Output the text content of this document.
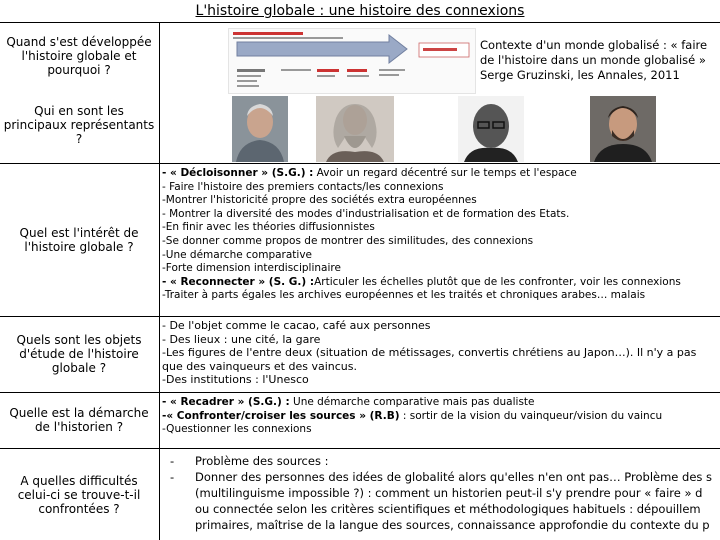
L'histoire globale : une histoire des connexions
Quand s'est développée l'histoire globale et pourquoi ?
Qui en sont les principaux représentants ?
Quel est l'intérêt de l'histoire globale ?
Quels sont les objets d'étude de l'histoire globale ?
Quelle est la démarche de l'historien ?
A quelles difficultés celui-ci se trouve-t-il confrontées ?
Contexte d'un monde globalisé : « faire
de l'histoire dans un monde globalisé »
Serge Gruzinski, les Annales, 2011
- « Décloisonner » (S.G.) : Avoir un regard décentré sur le temps et l'espace
- Faire l'histoire des premiers contacts/les connexions
-Montrer l'historicité propre des sociétés extra européennes
- Montrer la diversité des modes d'industrialisation et de formation des Etats.
-En finir avec les théories diffusionnistes
-Se donner comme propos de montrer des similitudes, des connexions
-Une démarche comparative
-Forte dimension interdisciplinaire
- « Reconnecter » (S. G.) :Articuler les échelles plutôt que de les confronter, voir les connexions
-Traiter à parts égales les archives européennes et les traités et chroniques arabes… malais
- De l'objet comme le cacao, café aux personnes
- Des lieux : une cité, la gare
-Les figures de l'entre deux (situation de métissages, convertis chrétiens au Japon…). Il n'y a pas
que des vainqueurs et des vaincus.
-Des institutions : l'Unesco
- « Recadrer » (S.G.) : Une démarche comparative mais pas dualiste
-« Confronter/croiser les sources » (R.B) : sortir de la vision du vainqueur/vision du vaincu
-Questionner les connexions
-	Problème des sources :
-	Donner des personnes des idées de globalité alors qu'elles n'en ont pas… Problème des s
(multilinguisme impossible ?) : comment un historien peut-il s'y prendre pour « faire » d
ou connectée selon les critères scientifiques et méthodologiques habituels : dépouillem
primaires, maîtrise de la langue des sources, connaissance approfondie du contexte du p
